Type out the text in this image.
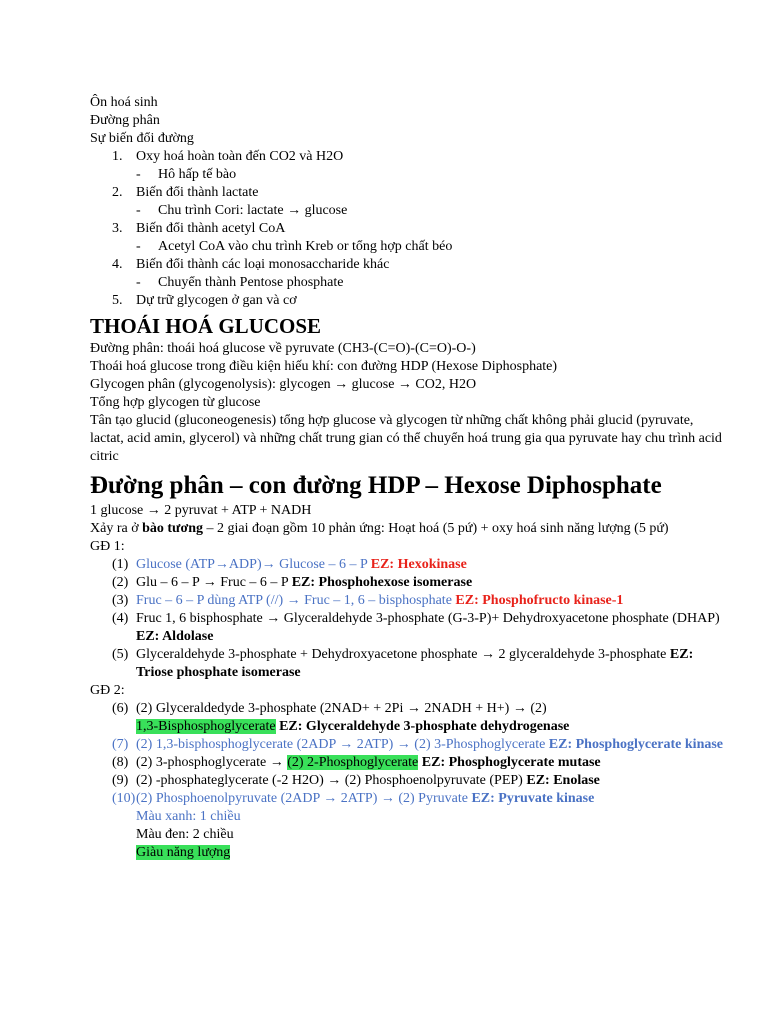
Ôn hoá sinh
Đường phân
Sự biến đổi đường
1. Oxy hoá hoàn toàn đến CO2 và H2O
- Hô hấp tế bào
2. Biến đổi thành lactate
- Chu trình Cori: lactate → glucose
3. Biến đổi thành acetyl CoA
- Acetyl CoA vào chu trình Kreb or tổng hợp chất béo
4. Biến đổi thành các loại monosaccharide khác
- Chuyển thành Pentose phosphate
5. Dự trữ glycogen ở gan và cơ
THOÁI HOÁ GLUCOSE
Đường phân: thoái hoá glucose về pyruvate (CH3-(C=O)-(C=O)-O-)
Thoái hoá glucose trong điều kiện hiếu khí: con đường HDP (Hexose Diphosphate)
Glycogen phân (glycogenolysis): glycogen → glucose → CO2, H2O
Tổng hợp glycogen từ glucose
Tân tạo glucid (gluconeogenesis) tổng hợp glucose và glycogen từ những chất không phải glucid (pyruvate, lactat, acid amin, glycerol) và những chất trung gian có thể chuyển hoá trung gia qua pyruvate hay chu trình acid citric
Đường phân – con đường HDP – Hexose Diphosphate
1 glucose → 2 pyruvat + ATP + NADH
Xảy ra ở bào tương – 2 giai đoạn gồm 10 phản ứng: Hoạt hoá (5 pứ) + oxy hoá sinh năng lượng (5 pứ)
GĐ 1:
(1) Glucose (ATP→ADP)→ Glucose – 6 – P EZ: Hexokinase
(2) Glu – 6 – P → Fruc – 6 – P EZ: Phosphohexose isomerase
(3) Fruc – 6 – P dùng ATP (//) → Fruc – 1, 6 – bisphosphate EZ: Phosphofructo kinase-1
(4) Fruc 1, 6 bisphosphate → Glyceraldehyde 3-phosphate (G-3-P)+ Dehydroxyacetone phosphate (DHAP)
EZ: Aldolase
(5) Glyceraldehyde 3-phosphate + Dehydroxyacetone phosphate → 2 glyceraldehyde 3-phosphate EZ: Triose phosphate isomerase
GĐ 2:
(6) (2) Glyceraldedyde 3-phosphate (2NAD+ + 2Pi → 2NADH + H+) → (2)
1,3-Bisphosphoglycerate EZ: Glyceraldehyde 3-phosphate dehydrogenase
(7) (2) 1,3-bisphosphoglycerate (2ADP → 2ATP) → (2) 3-Phosphoglycerate EZ: Phosphoglycerate kinase
(8) (2) 3-phosphoglycerate → (2) 2-Phosphoglycerate EZ: Phosphoglycerate mutase
(9) (2) -phosphateglycerate (-2 H2O) → (2) Phosphoenolpyruvate (PEP) EZ: Enolase
(10) (2) Phosphoenolpyruvate (2ADP → 2ATP) → (2) Pyruvate EZ: Pyruvate kinase
Màu xanh: 1 chiều
Màu đen: 2 chiều
Giàu năng lượng
